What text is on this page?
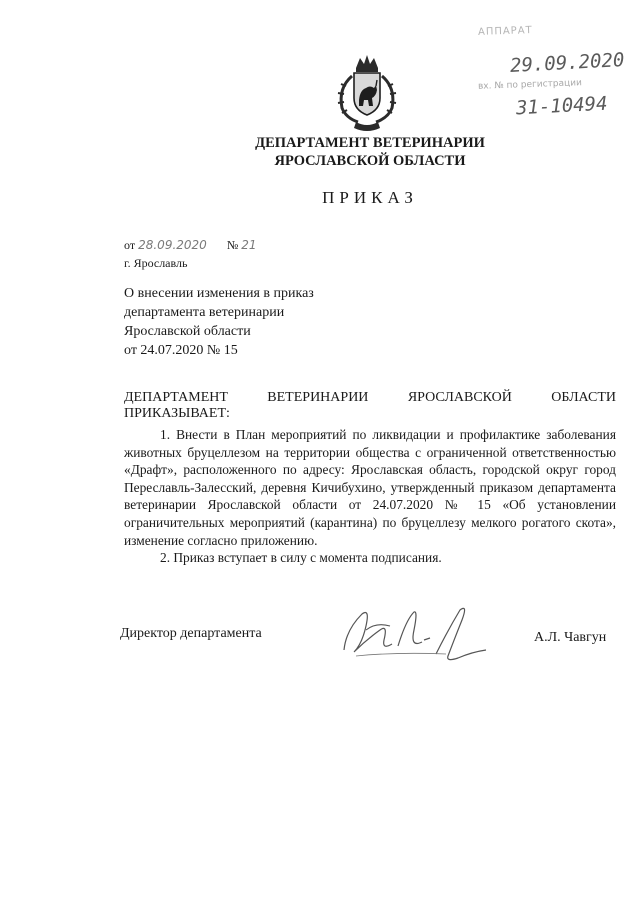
АППАРАТ
29.09.2020
вх. № по регистрации
31-10494
ДЕПАРТАМЕНТ ВЕТЕРИНАРИИ
ЯРОСЛАВСКОЙ ОБЛАСТИ
ПРИКАЗ
от 28.09.2020 № 21
г. Ярославль
О внесении изменения в приказ
департамента ветеринарии
Ярославской области
от 24.07.2020 № 15
ДЕПАРТАМЕНТ	ВЕТЕРИНАРИИ	ЯРОСЛАВСКОЙ	ОБЛАСТИ
ПРИКАЗЫВАЕТ:

1. Внести в План мероприятий по ликвидации и профилактике заболевания животных бруцеллезом на территории общества с ограниченной ответственностью «Драфт», расположенного по адресу: Ярославская область, городской округ город Переславль-Залесский, деревня Кичибухино, утвержденный приказом департамента ветеринарии Ярославской области от 24.07.2020 № 15 «Об установлении ограничительных мероприятий (карантина) по бруцеллезу мелкого рогатого скота», изменение согласно приложению.

2. Приказ вступает в силу с момента подписания.

Директор департамента	А.Л. Чавгун
